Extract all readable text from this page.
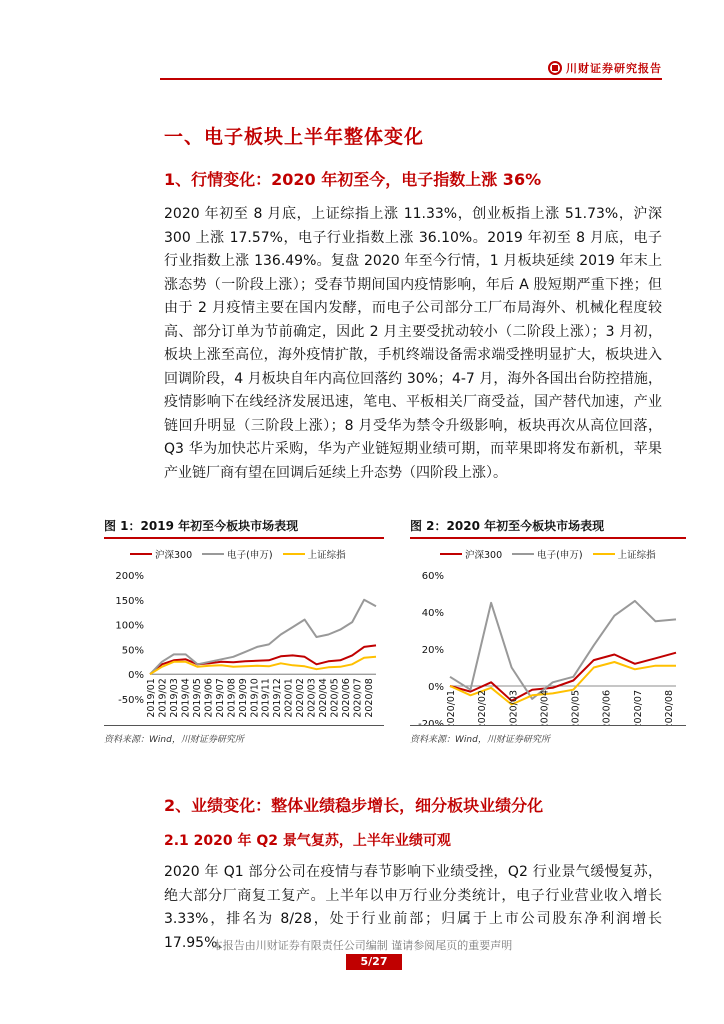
川财证券研究报告
一、电子板块上半年整体变化
1、行情变化：2020 年初至今，电子指数上涨 36%
2020 年初至 8 月底，上证综指上涨 11.33%，创业板指上涨 51.73%，沪深 300 上涨 17.57%，电子行业指数上涨 36.10%。2019 年初至 8 月底，电子行业指数上涨 136.49%。复盘 2020 年至今行情，1 月板块延续 2019 年末上涨态势（一阶段上涨）；受春节期间国内疫情影响，年后 A 股短期严重下挫；但由于 2 月疫情主要在国内发酵，而电子公司部分工厂布局海外、机械化程度较高、部分订单为节前确定，因此 2 月主要受扰动较小（二阶段上涨）；3 月初，板块上涨至高位，海外疫情扩散，手机终端设备需求端受挫明显扩大，板块进入回调阶段，4 月板块自年内高位回落约 30%；4-7 月，海外各国出台防控措施，疫情影响下在线经济发展迅速，笔电、平板相关厂商受益，国产替代加速，产业链回升明显（三阶段上涨）；8 月受华为禁令升级影响，板块再次从高位回落，Q3 华为加快芯片采购，华为产业链短期业绩可期，而苹果即将发布新机，苹果产业链厂商有望在回调后延续上升态势（四阶段上涨）。
图 1：2019 年初至今板块市场表现
沪深300	电子(申万)	上证综指
-50%
0%
50%
100%
150%
200%
2019/01 2019/02 2019/03 2019/04 2019/05 2019/06 2019/07 2019/08 2019/09 2019/10 2019/11 2019/12 2020/01 2020/02 2020/03 2020/04 2020/05 2020/06 2020/07 2020/08
资料来源：Wind，川财证券研究所
图 2：2020 年初至今板块市场表现
沪深300	电子(申万)	上证综指
-20%
0%
20%
40%
60%
2020/01 2020/02 2020/03 2020/04 2020/05 2020/06 2020/07 2020/08
资料来源：Wind，川财证券研究所
2、业绩变化：整体业绩稳步增长，细分板块业绩分化
2.1 2020 年 Q2 景气复苏，上半年业绩可观
2020 年 Q1 部分公司在疫情与春节影响下业绩受挫，Q2 行业景气缓慢复苏，绝大部分厂商复工复产。上半年以申万行业分类统计，电子行业营业收入增长 3.33%，排名为 8/28，处于行业前部；归属于上市公司股东净利润增长 17.95%，
本报告由川财证券有限责任公司编制 谨请参阅尾页的重要声明
5/27
